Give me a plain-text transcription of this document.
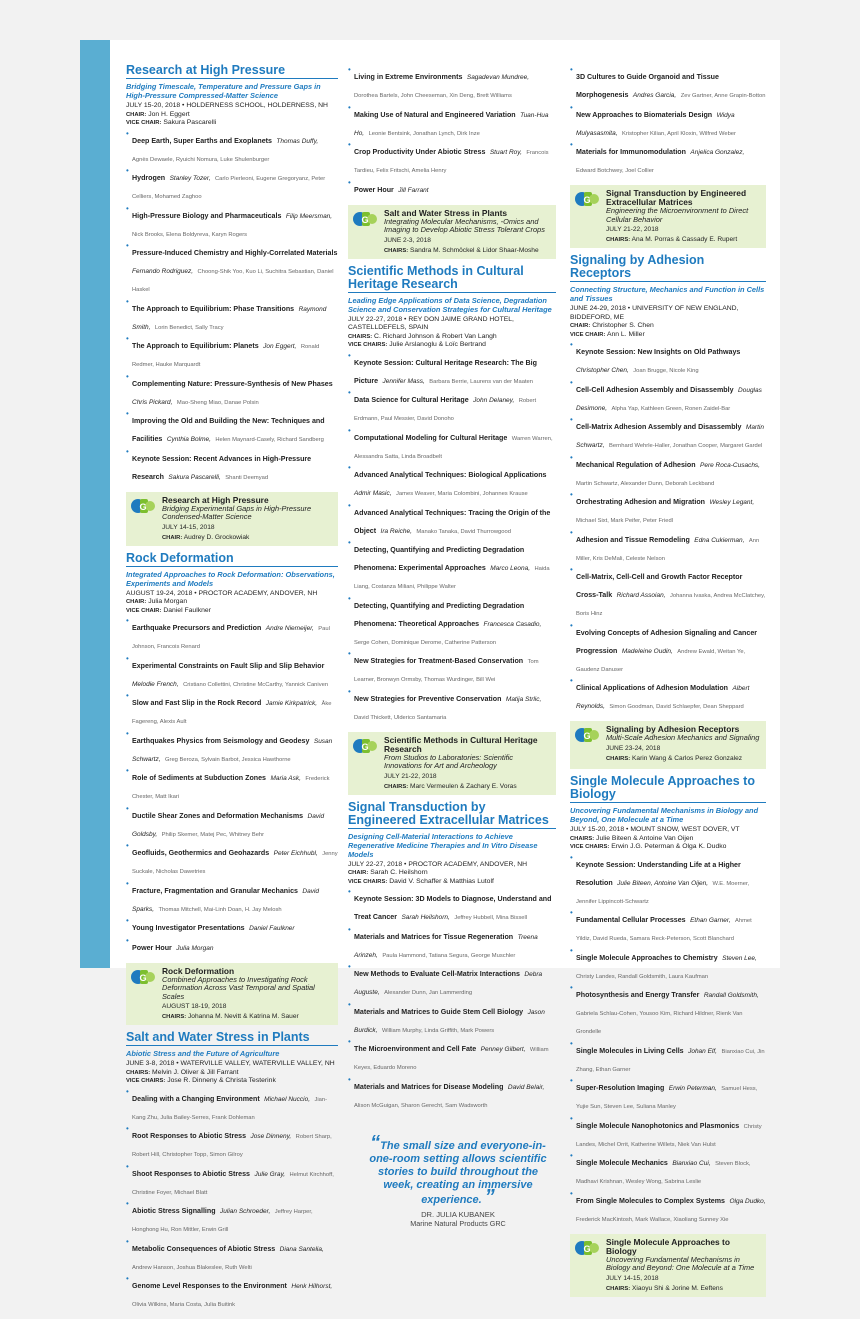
Research at High Pressure
Bridging Timescale, Temperature and Pressure Gaps in High-Pressure Compressed-Matter Science
JULY 15-20, 2018 • HOLDERNESS SCHOOL, HOLDERNESS, NH
CHAIR: Jon H. Eggert
VICE CHAIR: Sakura Pascarelli
• Deep Earth, Super Earths and Exoplanets Thomas Duffy, Agnès Dewaele, Ryuichi Nomura, Luke Shulenburger
• Hydrogen Stanley Tozer, Carlo Pierleoni, Eugene Gregoryanz, Peter Celliers, Mohamed Zaghoo
• High-Pressure Biology and Pharmaceuticals Filip Meersman, Nick Brooks, Elena Boldyreva, Karyn Rogers
• Pressure-Induced Chemistry and Highly-Correlated Materials Fernando Rodriguez, Choong-Shik Yoo, Kuo Li, Suchitra Sebastian, Daniel Haskel
• The Approach to Equilibrium: Phase Transitions Raymond Smith, Lorin Benedict, Sally Tracy
• The Approach to Equilibrium: Planets Jon Eggert, Ronald Redmer, Hauke Marquardt
• Complementing Nature: Pressure-Synthesis of New Phases Chris Pickard, Mao-Sheng Miao, Danae Polsin
• Improving the Old and Building the New: Techniques and Facilities Cynthia Bolme, Helen Maynard-Casely, Richard Sandberg
• Keynote Session: Recent Advances in High-Pressure Research Sakura Pascarelli, Shanti Deemyad
G
Research at High Pressure
Bridging Experimental Gaps in High-Pressure Condensed-Matter Science
JULY 14-15, 2018
CHAIR: Audrey D. Grockowiak
Rock Deformation
Integrated Approaches to Rock Deformation: Observations, Experiments and Models
AUGUST 19-24, 2018 • PROCTOR ACADEMY, ANDOVER, NH
CHAIR: Julia Morgan
VICE CHAIR: Daniel Faulkner
• Earthquake Precursors and Prediction Andre Niemeijer, Paul Johnson, Francois Renard
• Experimental Constraints on Fault Slip and Slip Behavior Melodie French, Cristiano Collettini, Christine McCarthy, Yannick Caniven
• Slow and Fast Slip in the Rock Record Jamie Kirkpatrick, Åke Fagereng, Alexis Ault
• Earthquakes Physics from Seismology and Geodesy Susan Schwartz, Greg Beroza, Sylvain Barbot, Jessica Hawthorne
• Role of Sediments at Subduction Zones Maria Ask, Frederick Chester, Matt Ikari
• Ductile Shear Zones and Deformation Mechanisms David Goldsby, Philip Skemer, Matej Pec, Whitney Behr
• Geofluids, Geothermics and Geohazards Peter Eichhubl, Jenny Suckale, Nicholas Dawetries
• Fracture, Fragmentation and Granular Mechanics David Sparks, Thomas Mitchell, Mai-Linh Doan, H. Jay Melosh
• Young Investigator Presentations Daniel Faulkner
• Power Hour Julia Morgan
G
Rock Deformation
Combined Approaches to Investigating Rock Deformation Across Vast Temporal and Spatial Scales
AUGUST 18-19, 2018
CHAIRS: Johanna M. Nevitt & Katrina M. Sauer
Salt and Water Stress in Plants
Abiotic Stress and the Future of Agriculture
JUNE 3-8, 2018 • WATERVILLE VALLEY, WATERVILLE VALLEY, NH
CHAIRS: Melvin J. Oliver & Jill Farrant
VICE CHAIRS: Jose R. Dinneny & Christa Testerink
• Dealing with a Changing Environment Michael Nuccio, Jian-Kang Zhu, Julia Bailey-Serres, Frank Dohleman
• Root Responses to Abiotic Stress Jose Dinneny, Robert Sharp, Robert Hill, Christopher Topp, Simon Gilroy
• Shoot Responses to Abiotic Stress Julie Gray, Helmut Kirchhoff, Christine Foyer, Michael Blatt
• Abiotic Stress Signalling Julian Schroeder, Jeffrey Harper, Honghong Hu, Ron Mittler, Erwin Grill
• Metabolic Consequences of Abiotic Stress Diana Santelia, Andrew Hanson, Joshua Blakeslee, Ruth Welti
• Genome Level Responses to the Environment Henk Hilhorst, Olivia Wilkins, Maria Costa, Julia Buitink
• Living in Extreme Environments Sagadevan Mundree, Dorothea Bartels, John Cheeseman, Xin Deng, Brett Williams
• Making Use of Natural and Engineered Variation Tuan-Hua Ho, Leonie Bentsink, Jonathan Lynch, Dirk Inze
• Crop Productivity Under Abiotic Stress Stuart Roy, Francois Tardieu, Felix Fritschi, Amelia Henry
• Power Hour Jill Farrant
G
Salt and Water Stress in Plants
Integrating Molecular Mechanisms, -Omics and Imaging to Develop Abiotic Stress Tolerant Crops
JUNE 2-3, 2018
CHAIRS: Sandra M. Schmöckel & Lidor Shaar-Moshe
Scientific Methods in Cultural Heritage Research
Leading Edge Applications of Data Science, Degradation Science and Conservation Strategies for Cultural Heritage
JULY 22-27, 2018 • REY DON JAIME GRAND HOTEL, CASTELLDEFELS, SPAIN
CHAIRS: C. Richard Johnson & Robert Van Langh
VICE CHAIRS: Julie Arslanoglu & Loïc Bertrand
• Keynote Session: Cultural Heritage Research: The Big Picture Jennifer Mass, Barbara Berrie, Laurens van der Maaten
• Data Science for Cultural Heritage John Delaney, Robert Erdmann, Paul Messier, David Donoho
• Computational Modeling for Cultural Heritage Warren Warren, Alessandra Satta, Linda Broadbelt
• Advanced Analytical Techniques: Biological Applications Admir Masic, James Weaver, Maria Colombini, Johannes Krause
• Advanced Analytical Techniques: Tracing the Origin of the Object Ira Reiche, Manako Tanaka, David Thurrowgood
• Detecting, Quantifying and Predicting Degradation Phenomena: Experimental Approaches Marco Leona, Haida Liang, Costanza Miliani, Philippe Walter
• Detecting, Quantifying and Predicting Degradation Phenomena: Theoretical Approaches Francesca Casadio, Serge Cohen, Dominique Derome, Catherine Patterson
• New Strategies for Treatment-Based Conservation Tom Learner, Bronwyn Ormsby, Thomas Wurdinger, Bill Wei
• New Strategies for Preventive Conservation Matija Strlic, David Thickett, Ulderico Santamaria
G
Scientific Methods in Cultural Heritage Research
From Studios to Laboratories: Scientific Innovations for Art and Archeology
JULY 21-22, 2018
CHAIRS: Marc Vermeulen & Zachary E. Voras
Signal Transduction by Engineered Extracellular Matrices
Designing Cell-Material Interactions to Achieve Regenerative Medicine Therapies and In Vitro Disease Models
JULY 22-27, 2018 • PROCTOR ACADEMY, ANDOVER, NH
CHAIR: Sarah C. Heilshorn
VICE CHAIRS: David V. Schaffer & Matthias Lutolf
• Keynote Session: 3D Models to Diagnose, Understand and Treat Cancer Sarah Heilshorn, Jeffrey Hubbell, Mina Bissell
• Materials and Matrices for Tissue Regeneration Treena Arinzeh, Paula Hammond, Tatiana Segura, George Muschler
• New Methods to Evaluate Cell-Matrix Interactions Debra Auguste, Alexander Dunn, Jan Lammerding
• Materials and Matrices to Guide Stem Cell Biology Jason Burdick, William Murphy, Linda Griffith, Mark Powers
• The Microenvironment and Cell Fate Penney Gilbert, William Keyes, Eduardo Moreno
• Materials and Matrices for Disease Modeling David Belair, Alison McGuigan, Sharon Gerecht, Sam Wadsworth
“The small size and everyone-in-one-room setting allows scientific stories to build throughout the week, creating an immersive experience. ”
DR. JULIA KUBANEK
Marine Natural Products GRC
• 3D Cultures to Guide Organoid and Tissue Morphogenesis Andres Garcia, Zev Gartner, Anne Grapin-Botton
• New Approaches to Biomaterials Design Widya Mulyasasmita, Kristopher Kilian, April Kloxin, Wilfred Weber
• Materials for Immunomodulation Anjelica Gonzalez, Edward Botchwey, Joel Collier
G
Signal Transduction by Engineered Extracellular Matrices
Engineering the Microenvironment to Direct Cellular Behavior
JULY 21-22, 2018
CHAIRS: Ana M. Porras & Cassady E. Rupert
Signaling by Adhesion Receptors
Connecting Structure, Mechanics and Function in Cells and Tissues
JUNE 24-29, 2018 • UNIVERSITY OF NEW ENGLAND, BIDDEFORD, ME
CHAIR: Christopher S. Chen
VICE CHAIR: Ann L. Miller
• Keynote Session: New Insights on Old Pathways Christopher Chen, Joan Brugge, Nicole King
• Cell-Cell Adhesion Assembly and Disassembly Douglas Desimone, Alpha Yap, Kathleen Green, Ronen Zaidel-Bar
• Cell-Matrix Adhesion Assembly and Disassembly Martin Schwartz, Bernhard Wehrle-Haller, Jonathan Cooper, Margaret Gardel
• Mechanical Regulation of Adhesion Pere Roca-Cusachs, Martin Schwartz, Alexander Dunn, Deborah Leckband
• Orchestrating Adhesion and Migration Wesley Legant, Michael Sixt, Mark Peifer, Peter Friedl
• Adhesion and Tissue Remodeling Edna Cukierman, Ann Miller, Kris DeMali, Celeste Nelson
• Cell-Matrix, Cell-Cell and Growth Factor Receptor Cross-Talk Richard Assoian, Johanna Ivaska, Andrea McClatchey, Boris Hinz
• Evolving Concepts of Adhesion Signaling and Cancer Progression Madeleine Oudin, Andrew Ewald, Weitan Ye, Gaudenz Danuser
• Clinical Applications of Adhesion Modulation Albert Reynolds, Simon Goodman, David Schlaepfer, Dean Sheppard
G
Signaling by Adhesion Receptors
Multi-Scale Adhesion Mechanics and Signaling
JUNE 23-24, 2018
CHAIRS: Karin Wang & Carlos Perez Gonzalez
Single Molecule Approaches to Biology
Uncovering Fundamental Mechanisms in Biology and Beyond, One Molecule at a Time
JULY 15-20, 2018 • MOUNT SNOW, WEST DOVER, VT
CHAIRS: Julie Biteen & Antoine Van Oijen
VICE CHAIRS: Erwin J.G. Peterman & Olga K. Dudko
• Keynote Session: Understanding Life at a Higher Resolution Julie Biteen, Antoine Van Oijen, W.E. Moerner, Jennifer Lippincott-Schwartz
• Fundamental Cellular Processes Ethan Garner, Ahmet Yildiz, David Rueda, Samara Reck-Peterson, Scott Blanchard
• Single Molecule Approaches to Chemistry Steven Lee, Christy Landes, Randall Goldsmith, Laura Kaufman
• Photosynthesis and Energy Transfer Randall Goldsmith, Gabriela Schlau-Cohen, Yousoo Kim, Richard Hildner, Rienk Van Grondelle
• Single Molecules in Living Cells Johan Elf, Bianxiao Cui, Jin Zhang, Ethan Garner
• Super-Resolution Imaging Erwin Peterman, Samuel Hess, Yujie Sun, Steven Lee, Suliana Manley
• Single Molecule Nanophotonics and Plasmonics Christy Landes, Michel Orrit, Katherine Willets, Niek Van Hulst
• Single Molecule Mechanics Bianxiao Cui, Steven Block, Madhavi Krishnan, Wesley Wong, Sabrina Leslie
• From Single Molecules to Complex Systems Olga Dudko, Frederick MacKintosh, Mark Wallace, Xiaoliang Sunney Xie
G
Single Molecule Approaches to Biology
Uncovering Fundamental Mechanisms in Biology and Beyond: One Molecule at a Time
JULY 14-15, 2018
CHAIRS: Xiaoyu Shi & Jorine M. Eeftens
